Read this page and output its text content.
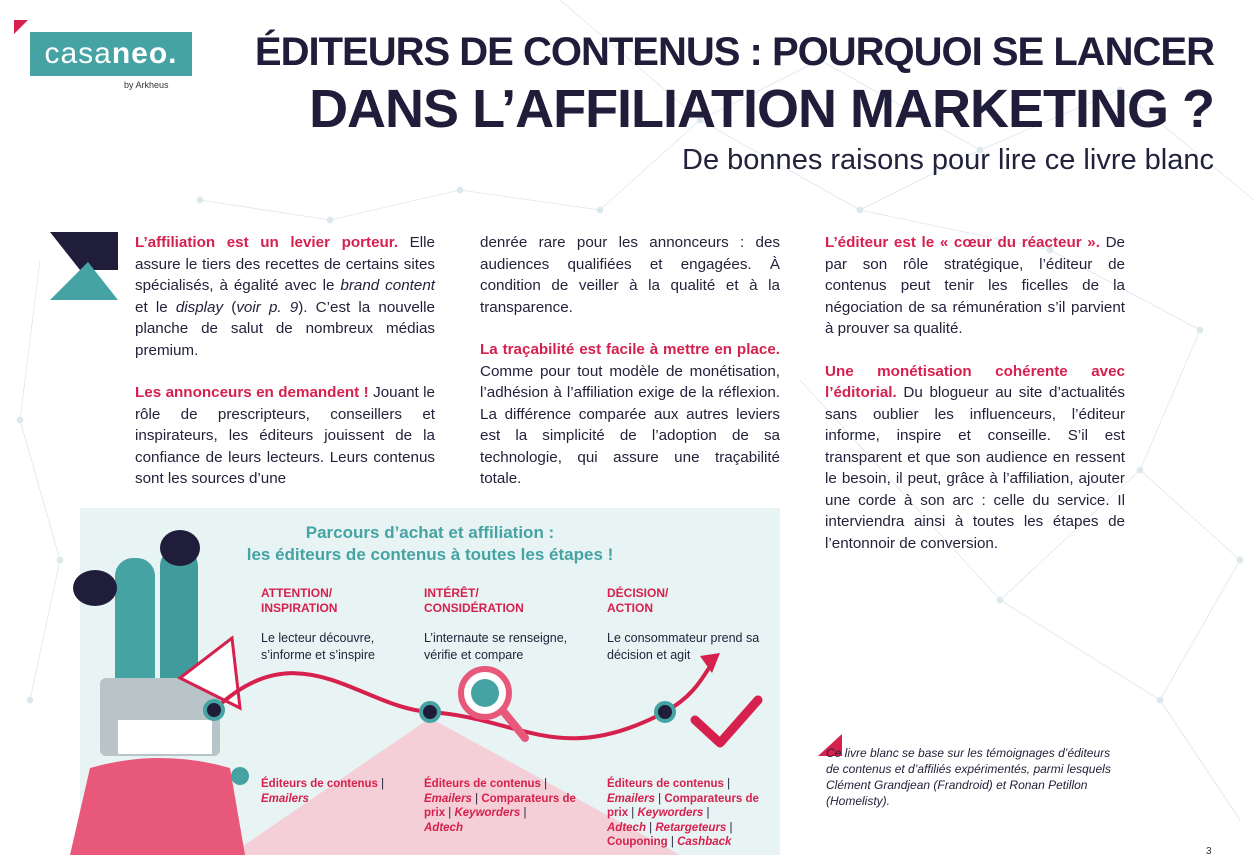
casaneo.
by Arkheus
ÉDITEURS DE CONTENUS : POURQUOI SE LANCER
DANS L’AFFILIATION MARKETING ?
De bonnes raisons pour lire ce livre blanc

L’affiliation est un levier porteur. Elle assure le tiers des recettes de certains sites spécialisés, à égalité avec le brand content et le display (voir p. 9). C’est la nouvelle planche de salut de nombreux médias premium.

Les annonceurs en demandent ! Jouant le rôle de prescripteurs, conseillers et inspirateurs, les éditeurs jouissent de la confiance de leurs lecteurs. Leurs contenus sont les sources d’une

denrée rare pour les annonceurs : des audiences qualifiées et engagées. À condition de veiller à la qualité et à la transparence.

La traçabilité est facile à mettre en place. Comme pour tout modèle de monétisation, l’adhésion à l’affiliation exige de la réflexion. La différence comparée aux autres leviers est la simplicité de l’adoption de sa technologie, qui assure une traçabilité totale.

L’éditeur est le « cœur du réacteur ». De par son rôle stratégique, l’éditeur de contenus peut tenir les ficelles de la négociation de sa rémunération s’il parvient à prouver sa qualité.

Une monétisation cohérente avec l’éditorial. Du blogueur au site d’actualités sans oublier les influenceurs, l’éditeur informe, inspire et conseille. S’il est transparent et que son audience en ressent le besoin, il peut, grâce à l’affiliation, ajouter une corde à son arc : celle du service. Il interviendra ainsi à toutes les étapes de l’entonnoir de conversion.

Parcours d’achat et affiliation :
les éditeurs de contenus à toutes les étapes !
ATTENTION/
INSPIRATION
Le lecteur découvre, s’informe et s’inspire
INTÉRÊT/
CONSIDÉRATION
L’internaute se renseigne, vérifie et compare
DÉCISION/
ACTION
Le consommateur prend sa décision et agit
Éditeurs de contenus |
Emailers
Éditeurs de contenus |
Emailers | Comparateurs de prix | Keyworders |
Adtech
Éditeurs de contenus |
Emailers | Comparateurs de prix | Keyworders |
Adtech | Retargeteurs |
Couponing | Cashback
Ce livre blanc se base sur les témoignages d’éditeurs de contenus et d’affiliés expérimentés, parmi lesquels Clément Grandjean (Frandroid) et Ronan Petillon (Homelisty).
3
